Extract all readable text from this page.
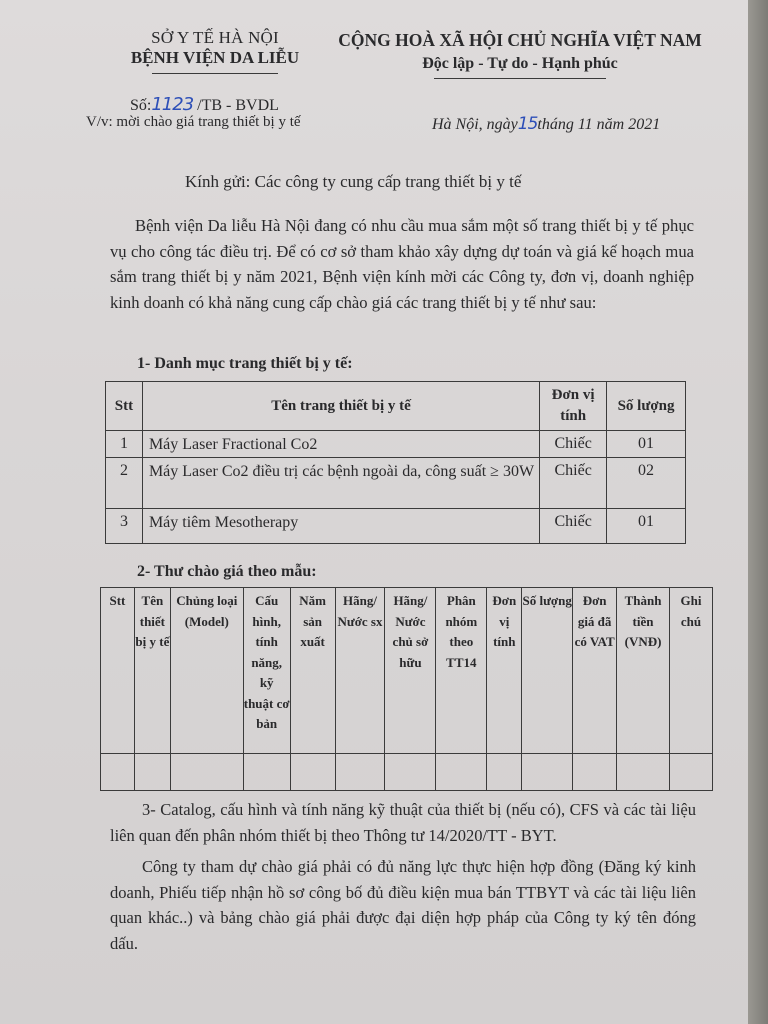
SỞ Y TẾ HÀ NỘI
BỆNH VIỆN DA LIỄU
CỘNG HOÀ XÃ HỘI CHỦ NGHĨA VIỆT NAM
Độc lập - Tự do - Hạnh phúc
Số:1123 /TB - BVDL
V/v: mời chào giá trang thiết bị y tế	Hà Nội, ngày15tháng 11 năm 2021
Kính gửi: Các công ty cung cấp trang thiết bị y tế
Bệnh viện Da liễu Hà Nội đang có nhu cầu mua sắm một số trang thiết bị y tế phục vụ cho công tác điều trị. Để có cơ sở tham khảo xây dựng dự toán và giá kế hoạch mua sắm trang thiết bị y năm 2021, Bệnh viện kính mời các Công ty, đơn vị, doanh nghiệp kinh doanh có khả năng cung cấp chào giá các trang thiết bị y tế như sau:
1- Danh mục trang thiết bị y tế:
Stt	Tên trang thiết bị y tế	Đơn vị tính	Số lượng
1	Máy Laser Fractional Co2	Chiếc	01
2	Máy Laser Co2 điều trị các bệnh ngoài da, công suất ≥ 30W	Chiếc	02
3	Máy tiêm Mesotherapy	Chiếc	01
2- Thư chào giá theo mẫu:
Stt	Tên thiết bị y tế	Chủng loại (Model)	Cấu hình, tính năng, kỹ thuật cơ bản	Năm sản xuất	Hãng/ Nước sx	Hãng/ Nước chủ sở hữu	Phân nhóm theo TT14	Đơn vị tính	Số lượng	Đơn giá đã có VAT	Thành tiền (VNĐ)	Ghi chú

3- Catalog, cấu hình và tính năng kỹ thuật của thiết bị (nếu có), CFS và các tài liệu liên quan đến phân nhóm thiết bị theo Thông tư 14/2020/TT - BYT.

Công ty tham dự chào giá phải có đủ năng lực thực hiện hợp đồng (Đăng ký kinh doanh, Phiếu tiếp nhận hồ sơ công bố đủ điều kiện mua bán TTBYT và các tài liệu liên quan khác..) và bảng chào giá phải được đại diện hợp pháp của Công ty ký tên đóng dấu.
